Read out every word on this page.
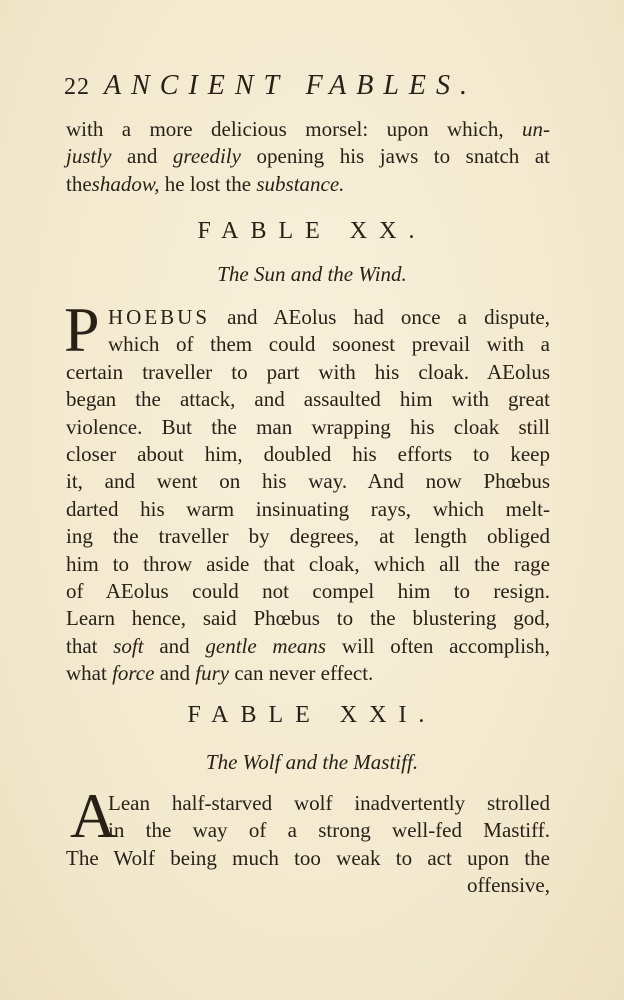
22 ANCIENT FABLES.
with a more delicious morsel: upon which, un-
justly and greedily opening his jaws to snatch at
theshadow, he lost the substance.
FABLE XX.
The Sun and the Wind.
P HOEBUS and AEolus had once a dispute,
which of them could soonest prevail with a
certain traveller to part with his cloak. AEolus
began the attack, and assaulted him with great
violence. But the man wrapping his cloak still
closer about him, doubled his efforts to keep
it, and went on his way. And now Phœbus
darted his warm insinuating rays, which melt-
ing the traveller by degrees, at length obliged
him to throw aside that cloak, which all the rage
of AEolus could not compel him to resign.
Learn hence, said Phœbus to the blustering god,
that soft and gentle means will often accomplish,
what force and fury can never effect.
FABLE XXI.
The Wolf and the Mastiff.
A
Lean half-starved wolf inadvertently strolled
in the way of a strong well-fed Mastiff.
The Wolf being much too weak to act upon the
offensive,
